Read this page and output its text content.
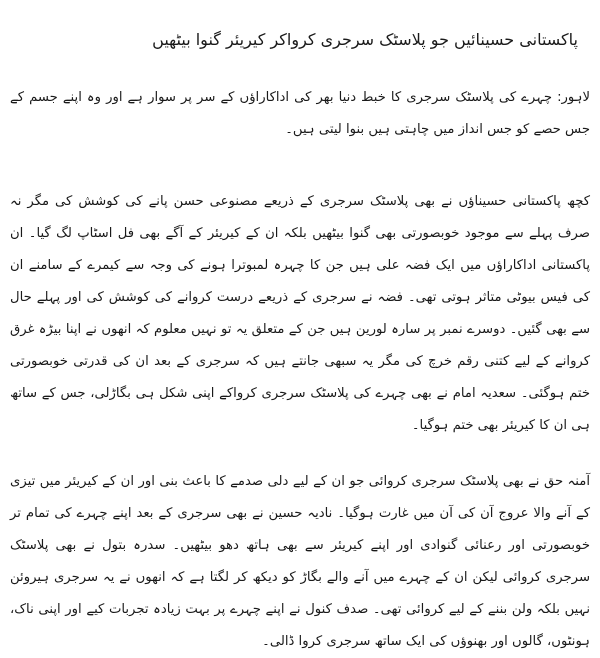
پاکستانی حسینائیں جو پلاسٹک سرجری کرواکر کیریئر گنوا بیٹھیں

لاہور: چہرے کی پلاسٹک سرجری کا خبط دنیا بھر کی اداکاراؤں کے سر پر سوار ہے اور وہ اپنے جسم کے جس حصے کو جس انداز میں چاہتی ہیں بنوا لیتی ہیں۔

کچھ پاکستانی حسیناؤں نے بھی پلاسٹک سرجری کے ذریعے مصنوعی حسن پانے کی کوشش کی مگر نہ صرف پہلے سے موجود خوبصورتی بھی گنوا بیٹھیں بلکہ ان کے کیریئر کے آگے بھی فل اسٹاپ لگ گیا۔ ان پاکستانی اداکاراؤں میں ایک فضہ علی ہیں جن کا چہرہ لمبوترا ہونے کی وجہ سے کیمرے کے سامنے ان کی فیس بیوٹی متاثر ہوتی تھی۔ فضہ نے سرجری کے ذریعے درست کروانے کی کوشش کی اور پہلے حال سے بھی گئیں۔ دوسرے نمبر پر سارہ لورین ہیں جن کے متعلق یہ تو نہیں معلوم کہ انھوں نے اپنا بیڑہ غرق کروانے کے لیے کتنی رقم خرچ کی مگر یہ سبھی جانتے ہیں کہ سرجری کے بعد ان کی قدرتی خوبصورتی ختم ہوگئی۔ سعدیہ امام نے بھی چہرے کی پلاسٹک سرجری کرواکے اپنی شکل ہی بگاڑلی، جس کے ساتھ ہی ان کا کیریئر بھی ختم ہوگیا۔

آمنہ حق نے بھی پلاسٹک سرجری کروائی جو ان کے لیے دلی صدمے کا باعث بنی اور ان کے کیریئر میں تیزی کے آنے والا عروج آن کی آن میں غارت ہوگیا۔ نادیہ حسین نے بھی سرجری کے بعد اپنے چہرے کی تمام تر خوبصورتی اور رعنائی گنوادی اور اپنے کیریئر سے بھی ہاتھ دھو بیٹھیں۔ سدرہ بتول نے بھی پلاسٹک سرجری کروائی لیکن ان کے چہرے میں آنے والے بگاڑ کو دیکھ کر لگتا ہے کہ انھوں نے یہ سرجری ہیروئن نہیں بلکہ ولن بننے کے لیے کروائی تھی۔ صدف کنول نے اپنے چہرے پر بہت زیادہ تجربات کیے اور اپنی ناک، ہونٹوں، گالوں اور بھنوؤں کی ایک ساتھ سرجری کروا ڈالی۔
